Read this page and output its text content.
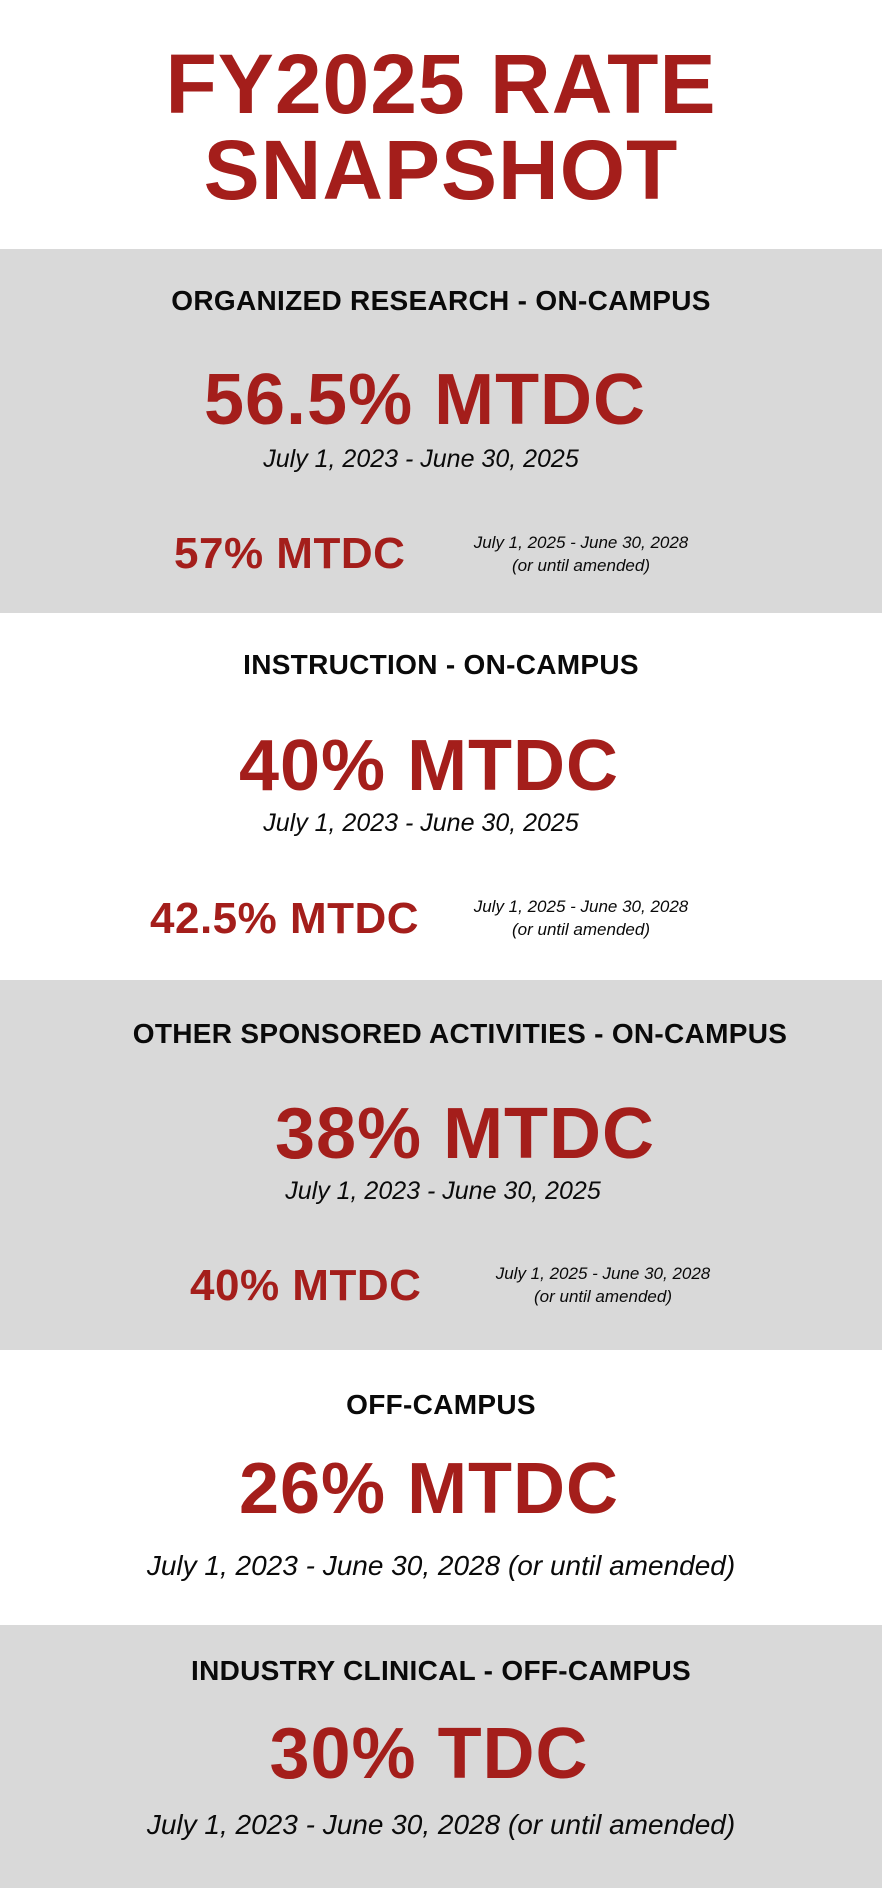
FY2025 RATE
SNAPSHOT
ORGANIZED RESEARCH - ON-CAMPUS
56.5% MTDC
July 1, 2023 - June 30, 2025
57% MTDC	July 1, 2025 - June 30, 2028
(or until amended)
INSTRUCTION - ON-CAMPUS
40% MTDC
July 1, 2023 - June 30, 2025
42.5% MTDC	July 1, 2025 - June 30, 2028
(or until amended)
OTHER SPONSORED ACTIVITIES - ON-CAMPUS
38% MTDC
July 1, 2023 - June 30, 2025
40% MTDC	July 1, 2025 - June 30, 2028
(or until amended)
OFF-CAMPUS
26% MTDC
July 1, 2023 - June 30, 2028 (or until amended)
INDUSTRY CLINICAL - OFF-CAMPUS
30% TDC
July 1, 2023 - June 30, 2028 (or until amended)
